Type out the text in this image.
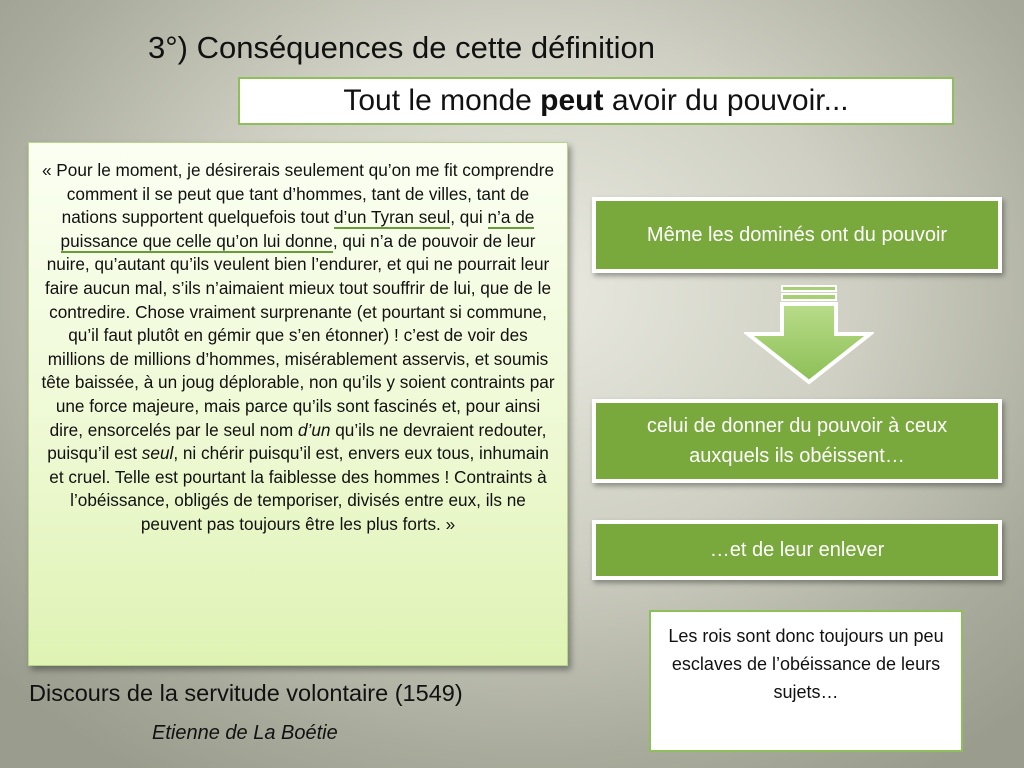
3°) Conséquences de cette définition
Tout le monde peut avoir du pouvoir...

« Pour le moment, je désirerais seulement qu’on me fit comprendre comment il se peut que tant d’hommes, tant de villes, tant de nations supportent quelquefois tout d’un Tyran seul, qui n’a de puissance que celle qu’on lui donne, qui n’a de pouvoir de leur nuire, qu’autant qu’ils veulent bien l’endurer, et qui ne pourrait leur faire aucun mal, s’ils n’aimaient mieux tout souffrir de lui, que de le contredire. Chose vraiment surprenante (et pourtant si commune, qu’il faut plutôt en gémir que s’en étonner) ! c’est de voir des millions de millions d’hommes, misérablement asservis, et soumis tête baissée, à un joug déplorable, non qu’ils y soient contraints par une force majeure, mais parce qu’ils sont fascinés et, pour ainsi dire, ensorcelés par le seul nom d’un qu’ils ne devraient redouter, puisqu’il est seul, ni chérir puisqu’il est, envers eux tous, inhumain et cruel. Telle est pourtant la faiblesse des hommes ! Contraints à l’obéissance, obligés de temporiser, divisés entre eux, ils ne peuvent pas toujours être les plus forts. »

Même les dominés ont du pouvoir
celui de donner du pouvoir à ceux auxquels ils obéissent…
…et de leur enlever
Les rois sont donc toujours un peu esclaves de l’obéissance de leurs sujets…
Discours de la servitude volontaire (1549)
Etienne de La Boétie
